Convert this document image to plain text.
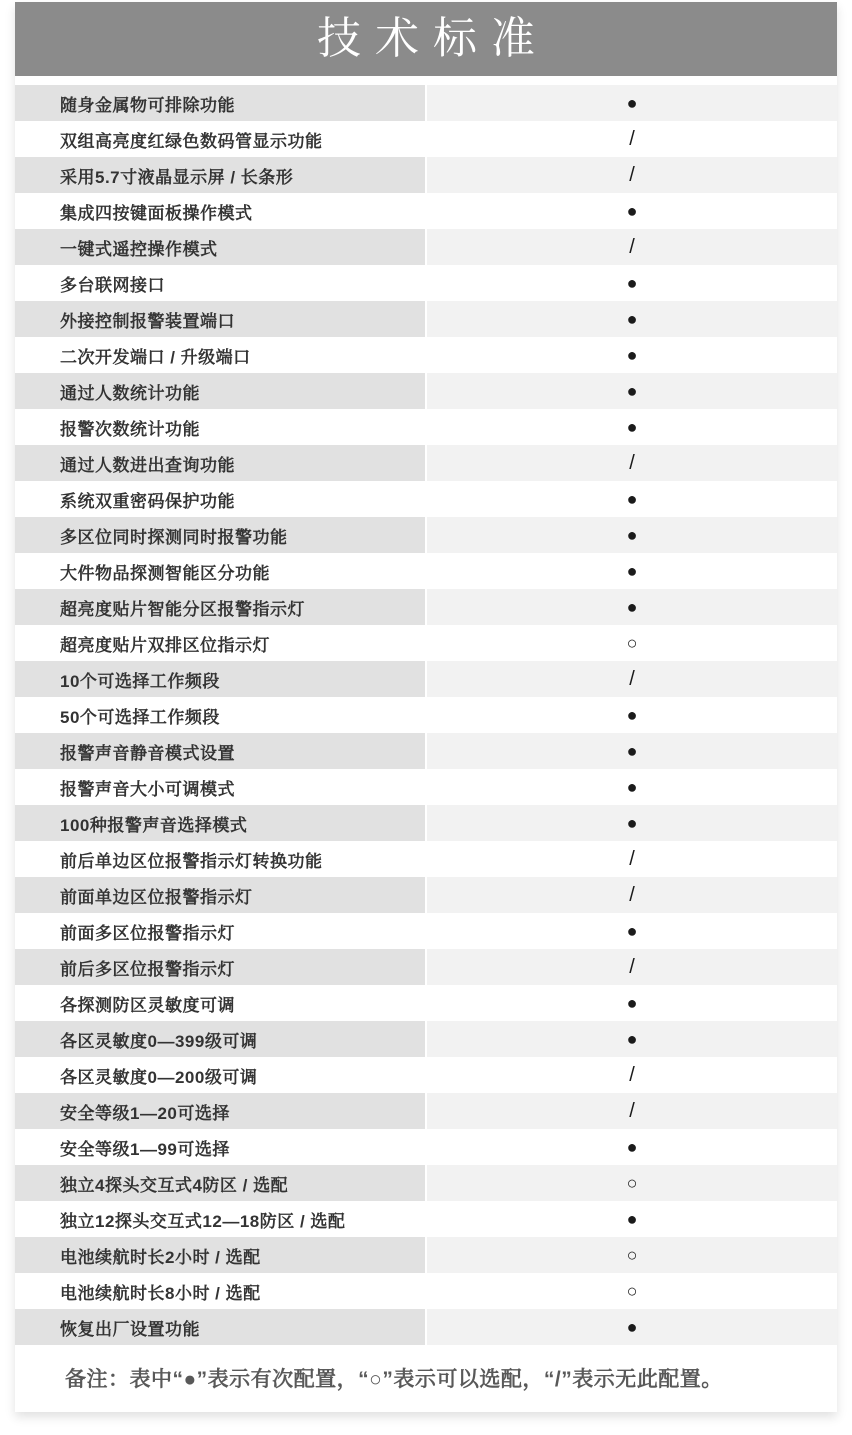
技术标准
随身金属物可排除功能	●
双组高亮度红绿色数码管显示功能	/
采用5.7寸液晶显示屏 / 长条形	/
集成四按键面板操作模式	●
一键式遥控操作模式	/
多台联网接口	●
外接控制报警装置端口	●
二次开发端口 / 升级端口	●
通过人数统计功能	●
报警次数统计功能	●
通过人数进出查询功能	/
系统双重密码保护功能	●
多区位同时探测同时报警功能	●
大件物品探测智能区分功能	●
超亮度贴片智能分区报警指示灯	●
超亮度贴片双排区位指示灯	○
10个可选择工作频段	/
50个可选择工作频段	●
报警声音静音模式设置	●
报警声音大小可调模式	●
100种报警声音选择模式	●
前后单边区位报警指示灯转换功能	/
前面单边区位报警指示灯	/
前面多区位报警指示灯	●
前后多区位报警指示灯	/
各探测防区灵敏度可调	●
各区灵敏度0—399级可调	●
各区灵敏度0—200级可调	/
安全等级1—20可选择	/
安全等级1—99可选择	●
独立4探头交互式4防区 / 选配	○
独立12探头交互式12—18防区 / 选配	●
电池续航时长2小时 / 选配	○
电池续航时长8小时 / 选配	○
恢复出厂设置功能	●

备注：表中“●”表示有次配置，“○”表示可以选配，“/”表示无此配置。
